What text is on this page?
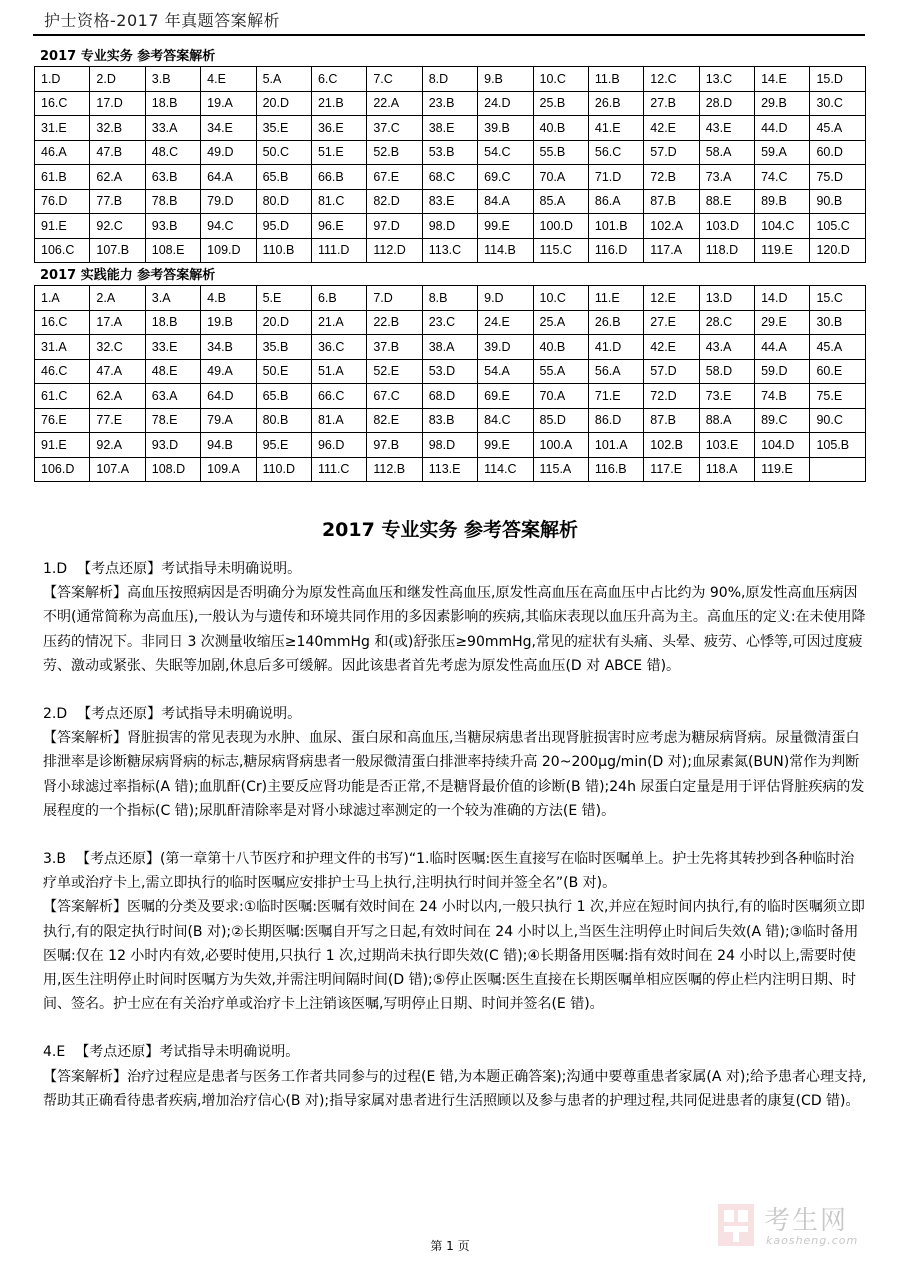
护士资格-2017 年真题答案解析
2017 专业实务 参考答案解析
1.D	2.D	3.B	4.E	5.A	6.C	7.C	8.D	9.B	10.C	11.B	12.C	13.C	14.E	15.D
16.C	17.D	18.B	19.A	20.D	21.B	22.A	23.B	24.D	25.B	26.B	27.B	28.D	29.B	30.C
31.E	32.B	33.A	34.E	35.E	36.E	37.C	38.E	39.B	40.B	41.E	42.E	43.E	44.D	45.A
46.A	47.B	48.C	49.D	50.C	51.E	52.B	53.B	54.C	55.B	56.C	57.D	58.A	59.A	60.D
61.B	62.A	63.B	64.A	65.B	66.B	67.E	68.C	69.C	70.A	71.D	72.B	73.A	74.C	75.D
76.D	77.B	78.B	79.D	80.D	81.C	82.D	83.E	84.A	85.A	86.A	87.B	88.E	89.B	90.B
91.E	92.C	93.B	94.C	95.D	96.E	97.D	98.D	99.E	100.D	101.B	102.A	103.D	104.C	105.C
106.C	107.B	108.E	109.D	110.B	111.D	112.D	113.C	114.B	115.C	116.D	117.A	118.D	119.E	120.D
2017 实践能力 参考答案解析
1.A	2.A	3.A	4.B	5.E	6.B	7.D	8.B	9.D	10.C	11.E	12.E	13.D	14.D	15.C
16.C	17.A	18.B	19.B	20.D	21.A	22.B	23.C	24.E	25.A	26.B	27.E	28.C	29.E	30.B
31.A	32.C	33.E	34.B	35.B	36.C	37.B	38.A	39.D	40.B	41.D	42.E	43.A	44.A	45.A
46.C	47.A	48.E	49.A	50.E	51.A	52.E	53.D	54.A	55.A	56.A	57.D	58.D	59.D	60.E
61.C	62.A	63.A	64.D	65.B	66.C	67.C	68.D	69.E	70.A	71.E	72.D	73.E	74.B	75.E
76.E	77.E	78.E	79.A	80.B	81.A	82.E	83.B	84.C	85.D	86.D	87.B	88.A	89.C	90.C
91.E	92.A	93.D	94.B	95.E	96.D	97.B	98.D	99.E	100.A	101.A	102.B	103.E	104.D	105.B
106.D	107.A	108.D	109.A	110.D	111.C	112.B	113.E	114.C	115.A	116.B	117.E	118.A	119.E	
2017 专业实务 参考答案解析

1.D 【考点还原】考试指导未明确说明。

【答案解析】高血压按照病因是否明确分为原发性高血压和继发性高血压,原发性高血压在高血压中占比约为 90%,原发性高血压病因不明(通常简称为高血压),一般认为与遗传和环境共同作用的多因素影响的疾病,其临床表现以血压升高为主。高血压的定义:在未使用降压药的情况下。非同日 3 次测量收缩压≥140mmHg 和(或)舒张压≥90mmHg,常见的症状有头痛、头晕、疲劳、心悸等,可因过度疲劳、激动或紧张、失眠等加剧,休息后多可缓解。因此该患者首先考虑为原发性高血压(D 对 ABCE 错)。

2.D 【考点还原】考试指导未明确说明。

【答案解析】肾脏损害的常见表现为水肿、血尿、蛋白尿和高血压,当糖尿病患者出现肾脏损害时应考虑为糖尿病肾病。尿量微清蛋白排泄率是诊断糖尿病肾病的标志,糖尿病肾病患者一般尿微清蛋白排泄率持续升高 20~200μg/min(D 对);血尿素氮(BUN)常作为判断肾小球滤过率指标(A 错);血肌酐(Cr)主要反应肾功能是否正常,不是糖肾最价值的诊断(B 错);24h 尿蛋白定量是用于评估肾脏疾病的发展程度的一个指标(C 错);尿肌酐清除率是对肾小球滤过率测定的一个较为准确的方法(E 错)。

3.B 【考点还原】(第一章第十八节医疗和护理文件的书写)“1.临时医嘱:医生直接写在临时医嘱单上。护士先将其转抄到各种临时治疗单或治疗卡上,需立即执行的临时医嘱应安排护士马上执行,注明执行时间并签全名”(B 对)。

【答案解析】医嘱的分类及要求:①临时医嘱:医嘱有效时间在 24 小时以内,一般只执行 1 次,并应在短时间内执行,有的临时医嘱须立即执行,有的限定执行时间(B 对);②长期医嘱:医嘱自开写之日起,有效时间在 24 小时以上,当医生注明停止时间后失效(A 错);③临时备用医嘱:仅在 12 小时内有效,必要时使用,只执行 1 次,过期尚未执行即失效(C 错);④长期备用医嘱:指有效时间在 24 小时以上,需要时使用,医生注明停止时间时医嘱方为失效,并需注明间隔时间(D 错);⑤停止医嘱:医生直接在长期医嘱单相应医嘱的停止栏内注明日期、时间、签名。护士应在有关治疗单或治疗卡上注销该医嘱,写明停止日期、时间并签名(E 错)。

4.E 【考点还原】考试指导未明确说明。

【答案解析】治疗过程应是患者与医务工作者共同参与的过程(E 错,为本题正确答案);沟通中要尊重患者家属(A 对);给予患者心理支持,帮助其正确看待患者疾病,增加治疗信心(B 对);指导家属对患者进行生活照顾以及参与患者的护理过程,共同促进患者的康复(CD 错)。

第 1 页
考生网
kaosheng.com
